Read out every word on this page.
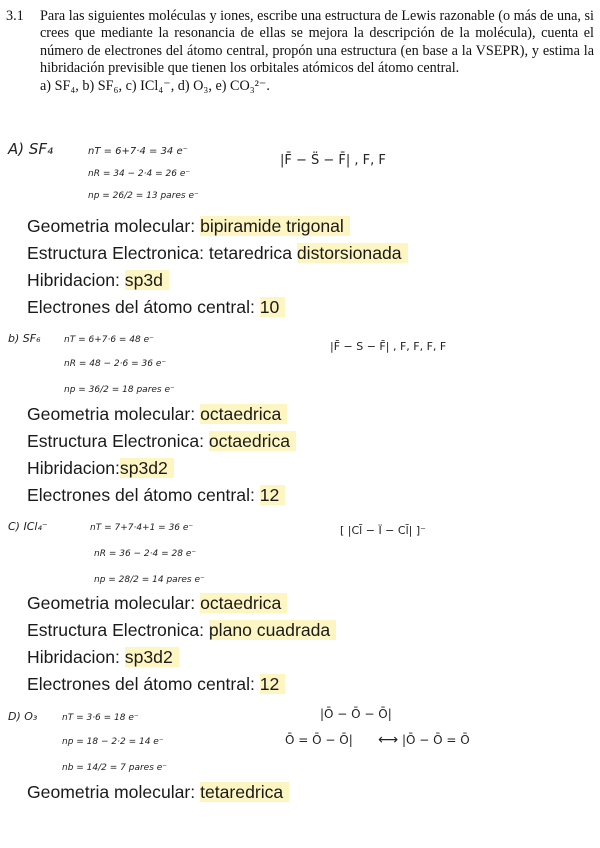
3.1 Para las siguientes moléculas y iones, escribe una estructura de Lewis razonable (o más de una, si crees que mediante la resonancia de ellas se mejora la descripción de la molécula), cuenta el número de electrones del átomo central, propón una estructura (en base a la VSEPR), y estima la hibridación previsible que tienen los orbitales atómicos del átomo central.
a) SF₄, b) SF₆, c) ICl₄⁻, d) O₃, e) CO₃²⁻.
A) SF₄	nT = 6+7·4 = 34 e⁻
nR = 34 − 2·4 = 26 e⁻
np = 26/2 = 13 pares e⁻
|F̄ − S̈ − F̄| , F, F
Geometria molecular: bipiramide trigonal
Estructura Electronica: tetaredrica distorsionada
Hibridacion: sp3d
Electrones del átomo central: 10
b) SF₆	nT = 6+7·6 = 48 e⁻
nR = 48 − 2·6 = 36 e⁻
np = 36/2 = 18 pares e⁻
|F̄ − S − F̄| , F, F, F, F
Geometria molecular: octaedrica
Estructura Electronica: octaedrica
Hibridacion:sp3d2
Electrones del átomo central: 12
C) ICl₄⁻	nT = 7+7·4+1 = 36 e⁻
nR = 36 − 2·4 = 28 e⁻
np = 28/2 = 14 pares e⁻
[ |Cl̄ − Ï − Cl̄| ]⁻
Geometria molecular: octaedrica
Estructura Electronica: plano cuadrada
Hibridacion: sp3d2
Electrones del átomo central: 12
D) O₃	nT = 3·6 = 18 e⁻
np = 18 − 2·2 = 14 e⁻
nb = 14/2 = 7 pares e⁻
|Ō − Ō − Ō|
Ō = Ō − Ō| ⟷ |Ō − Ō = Ō
Geometria molecular: tetaredrica
